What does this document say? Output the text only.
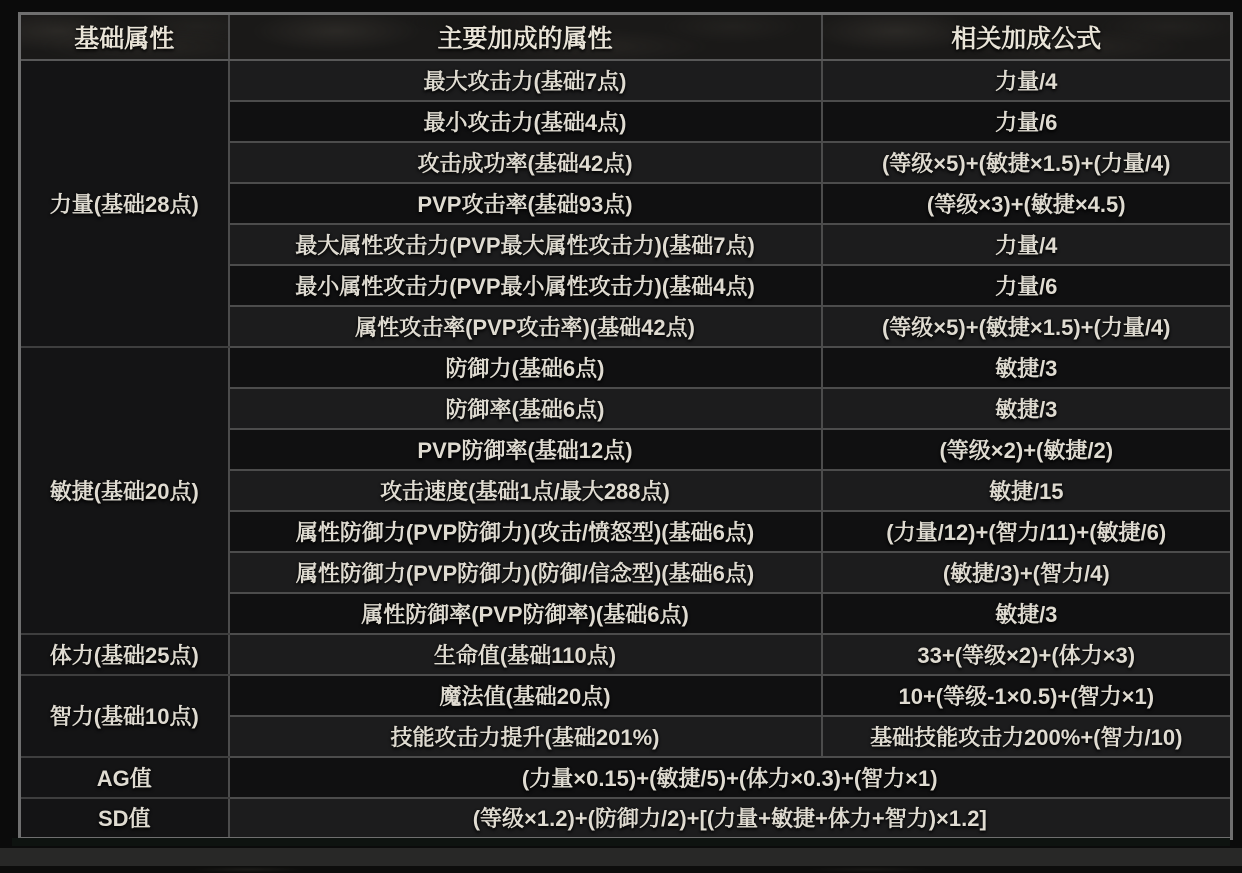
基础属性	主要加成的属性	相关加成公式
力量(基础28点)	最大攻击力(基础7点)	力量/4
	最小攻击力(基础4点)	力量/6
	攻击成功率(基础42点)	(等级×5)+(敏捷×1.5)+(力量/4)
	PVP攻击率(基础93点)	(等级×3)+(敏捷×4.5)
	最大属性攻击力(PVP最大属性攻击力)(基础7点)	力量/4
	最小属性攻击力(PVP最小属性攻击力)(基础4点)	力量/6
	属性攻击率(PVP攻击率)(基础42点)	(等级×5)+(敏捷×1.5)+(力量/4)
敏捷(基础20点)	防御力(基础6点)	敏捷/3
	防御率(基础6点)	敏捷/3
	PVP防御率(基础12点)	(等级×2)+(敏捷/2)
	攻击速度(基础1点/最大288点)	敏捷/15
	属性防御力(PVP防御力)(攻击/愤怒型)(基础6点)	(力量/12)+(智力/11)+(敏捷/6)
	属性防御力(PVP防御力)(防御/信念型)(基础6点)	(敏捷/3)+(智力/4)
	属性防御率(PVP防御率)(基础6点)	敏捷/3
体力(基础25点)	生命值(基础110点)	33+(等级×2)+(体力×3)
智力(基础10点)	魔法值(基础20点)	10+(等级-1×0.5)+(智力×1)
	技能攻击力提升(基础201%)	基础技能攻击力200%+(智力/10)
AG值	(力量×0.15)+(敏捷/5)+(体力×0.3)+(智力×1)	
SD值	(等级×1.2)+(防御力/2)+[(力量+敏捷+体力+智力)×1.2]	
